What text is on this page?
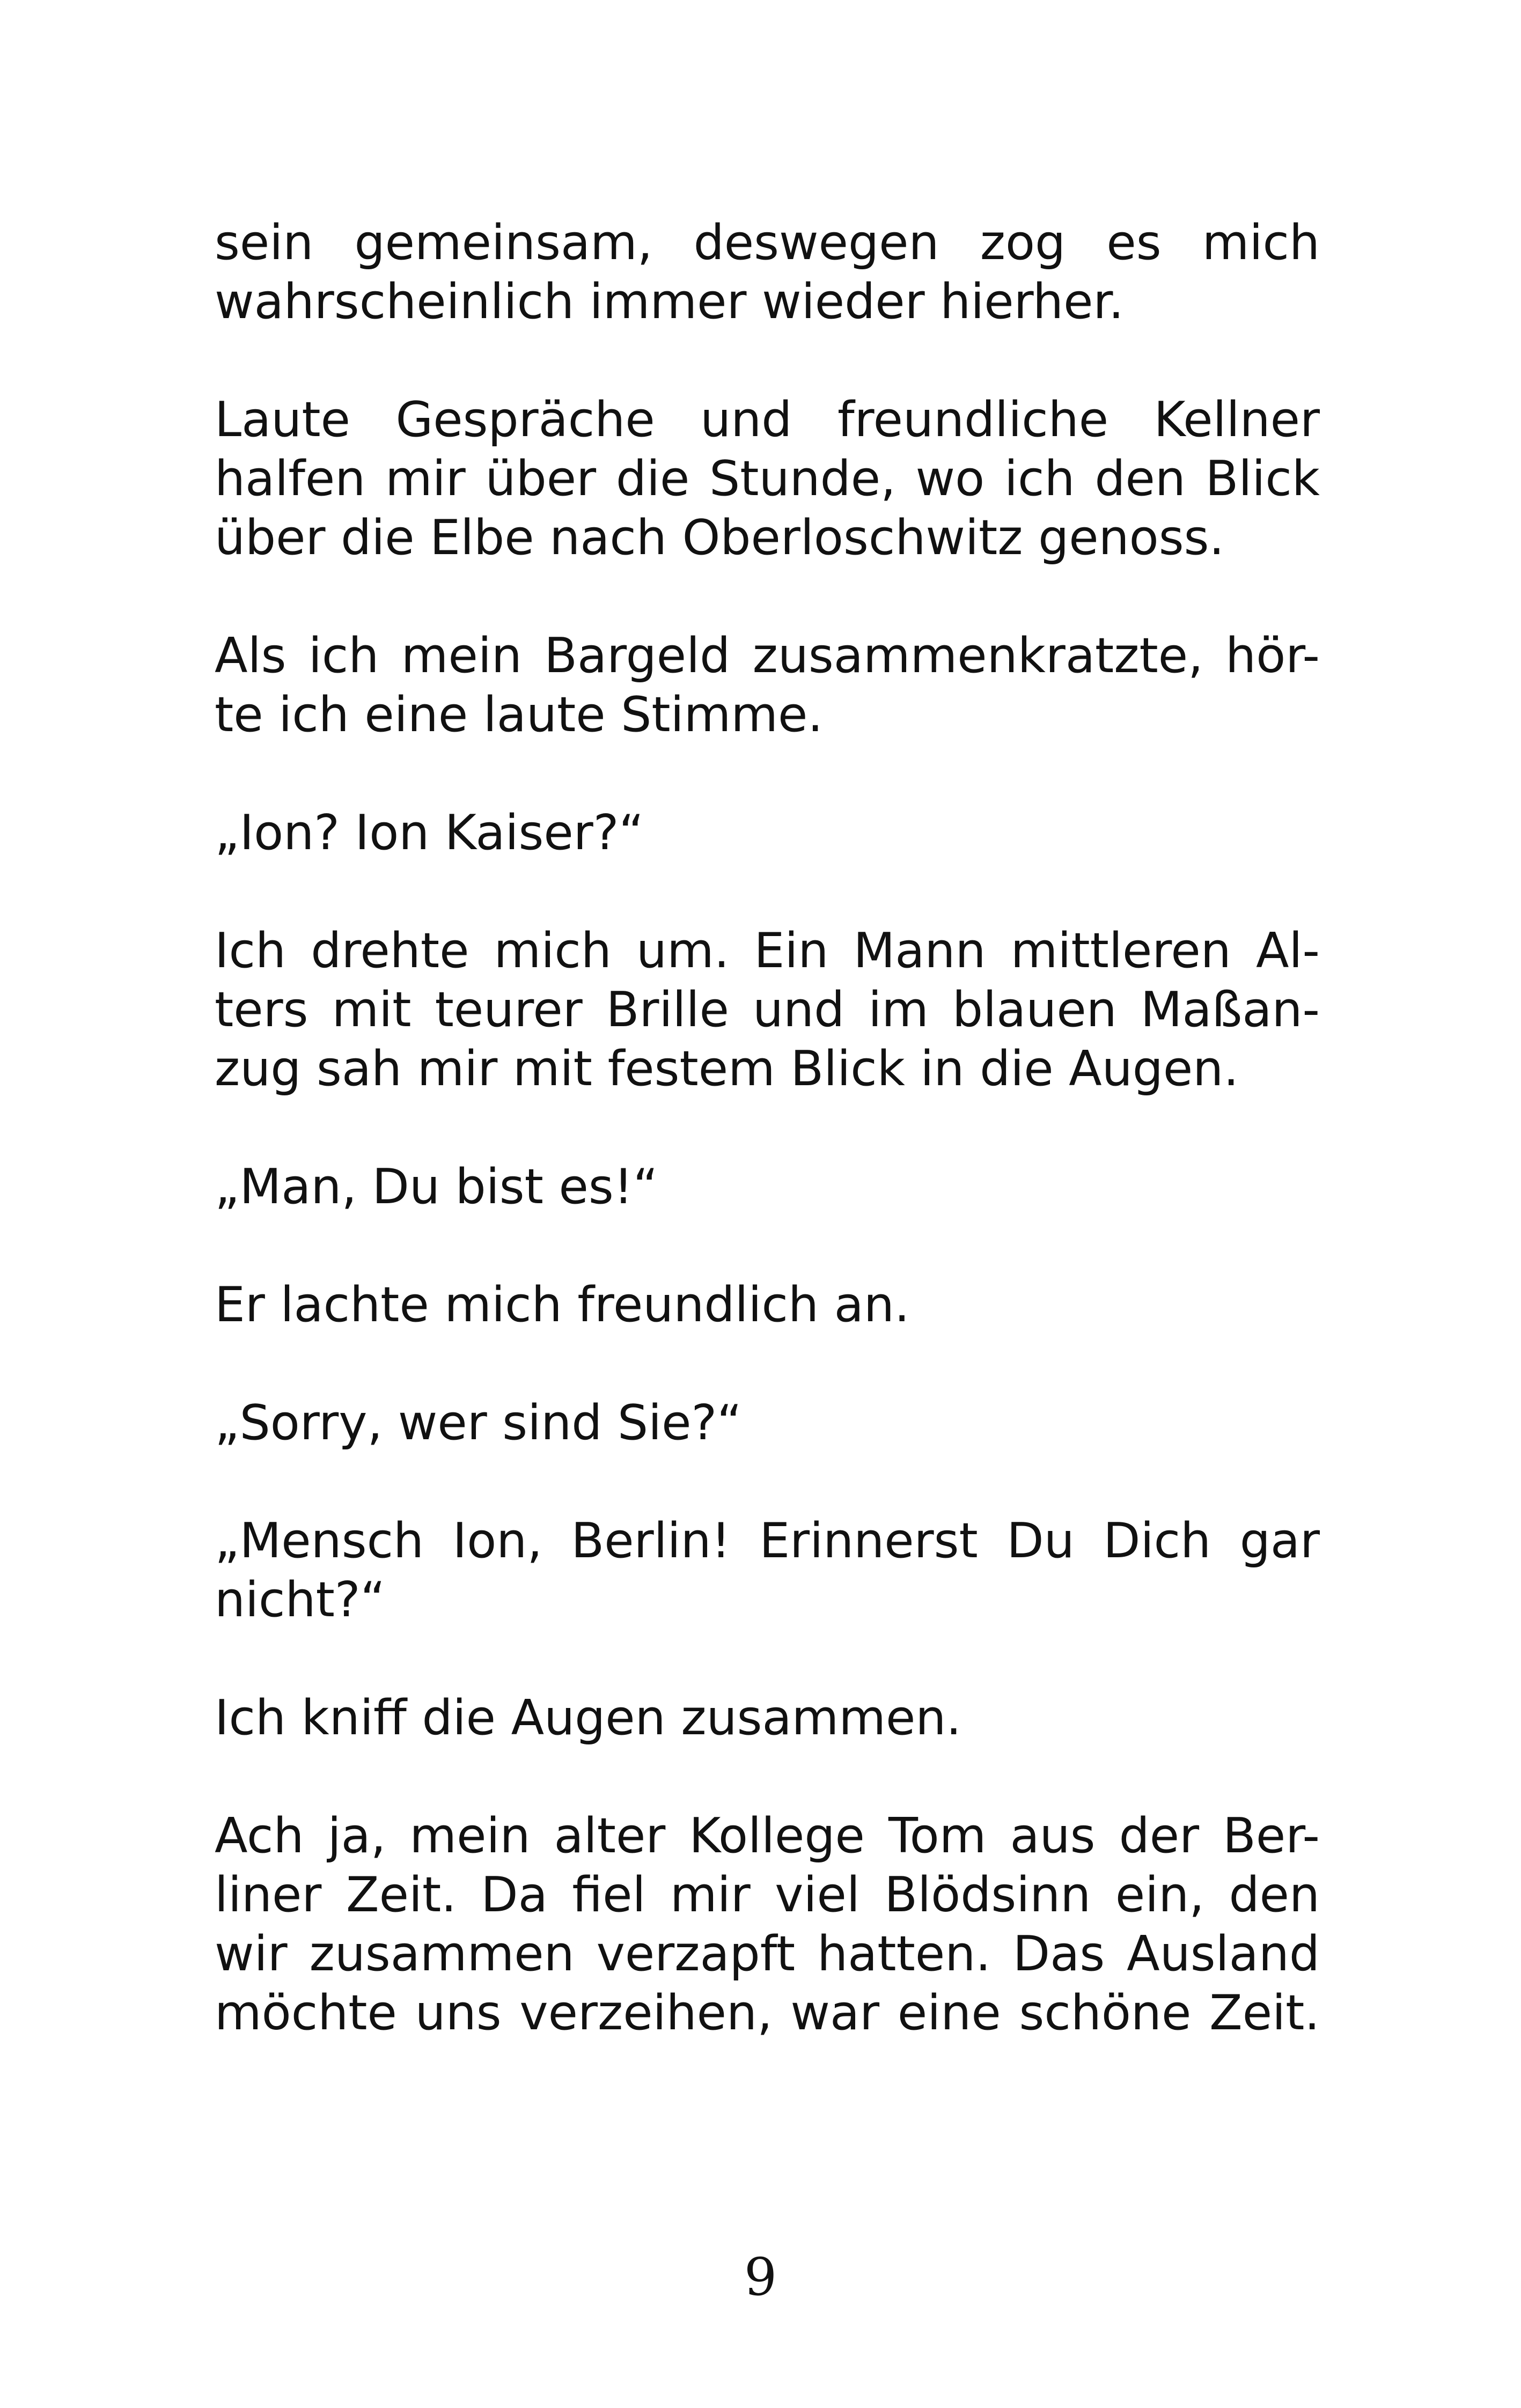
sein gemeinsam, deswegen zog es mich
wahrscheinlich immer wieder hierher.

Laute Gespräche und freundliche Kellner
halfen mir über die Stunde, wo ich den Blick
über die Elbe nach Oberloschwitz genoss.

Als ich mein Bargeld zusammenkratzte, hör-
te ich eine laute Stimme.

„Ion? Ion Kaiser?“

Ich drehte mich um. Ein Mann mittleren Al-
ters mit teurer Brille und im blauen Maßan-
zug sah mir mit festem Blick in die Augen.

„Man, Du bist es!“

Er lachte mich freundlich an.

„Sorry, wer sind Sie?“

„Mensch Ion, Berlin! Erinnerst Du Dich gar
nicht?“

Ich kniff die Augen zusammen.

Ach ja, mein alter Kollege Tom aus der Ber-
liner Zeit. Da fiel mir viel Blödsinn ein, den
wir zusammen verzapft hatten. Das Ausland
möchte uns verzeihen, war eine schöne Zeit.

9
